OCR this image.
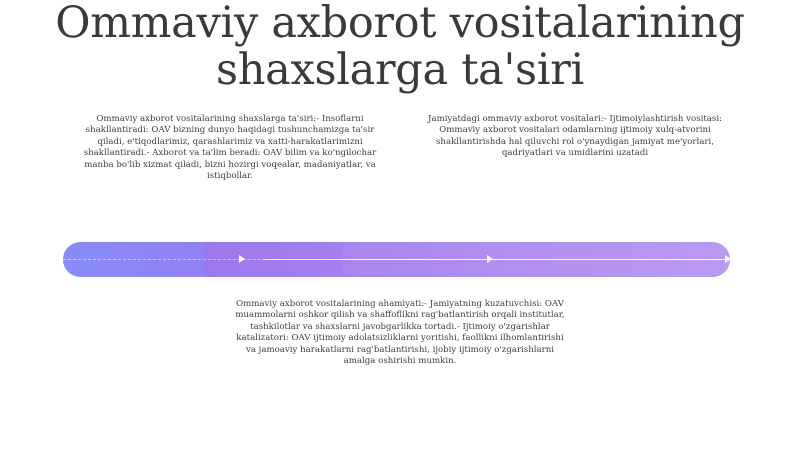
Ommaviy axborot vositalarining
shaxslarga ta'siri
Ommaviy axborot vositalarining shaxslarga ta'siri:- Insoflarni shakllantiradi: OAV bizning dunyo haqidagi tushunchamizga ta'sir qiladi, e'tiqodlarimiz, qarashlarimiz va xatti-harakatlarimizni shakllantiradi.- Axborot va ta'lim beradi: OAV bilim va ko'ngilochar manba bo'lib xizmat qiladi, bizni hozirgi voqealar, madaniyatlar, va istiqbollar.
Jamiyatdagi ommaviy axborot vositalari:- Ijtimoiylashtirish vositasi: Ommaviy axborot vositalari odamlarning ijtimoiy xulq-atvorini shakllantirishda hal qiluvchi rol o'ynaydigan jamiyat me'yorlari, qadriyatlari va umidlarini uzatadi
Ommaviy axborot vositalarining ahamiyati:- Jamiyatning kuzatuvchisi: OAV muammolarni oshkor qilish va shaffoflikni rag'batlantirish orqali institutlar, tashkilotlar va shaxslarni javobgarlikka tortadi.- Ijtimoiy o'zgarishlar katalizatori: OAV ijtimoiy adolatsizliklarni yoritishi, faollikni ilhomlantirishi va jamoaviy harakatlarni rag'batlantirishi, ijobiy ijtimoiy o'zgarishlarni amalga oshirishi mumkin.
